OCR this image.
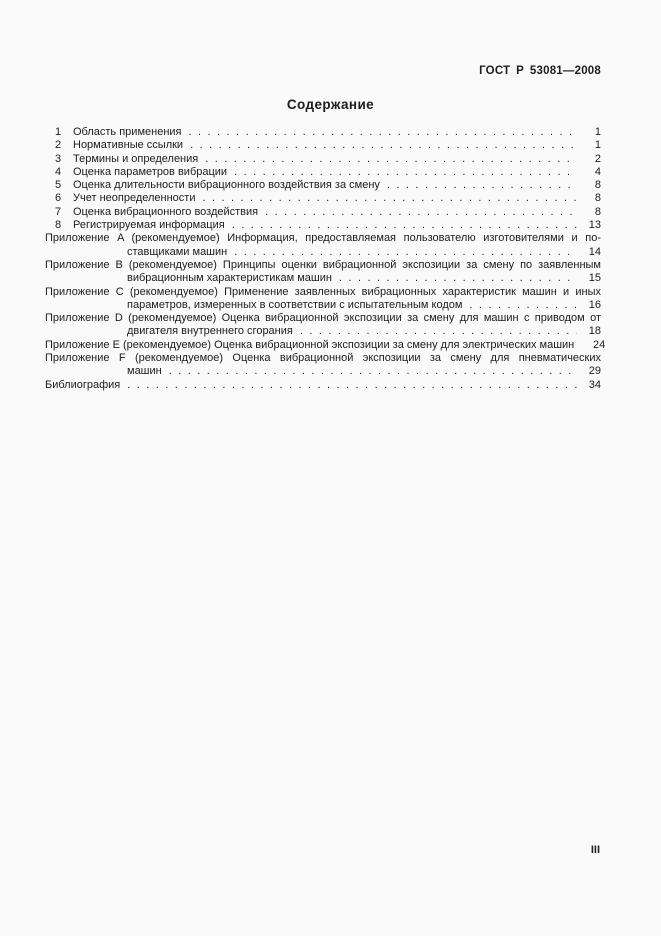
ГОСТ Р 53081—2008
Содержание
1	Область применения . . .	1
2	Нормативные ссылки . . .	1
3	Термины и определения . . .	2
4	Оценка параметров вибрации . . .	4
5	Оценка длительности вибрационного воздействия за смену . . .	8
6	Учет неопределенности . . .	8
7	Оценка вибрационного воздействия . . .	8
8	Регистрируемая информация . . .	13
Приложение A (рекомендуемое) Информация, предоставляемая пользователю изготовителями и по-
ставщиками машин . . .	14
Приложение B (рекомендуемое) Принципы оценки вибрационной экспозиции за смену по заявленным
вибрационным характеристикам машин . . .	15
Приложение C (рекомендуемое) Применение заявленных вибрационных характеристик машин и иных
параметров, измеренных в соответствии с испытательным кодом . . .	16
Приложение D (рекомендуемое) Оценка вибрационной экспозиции за смену для машин с приводом от
двигателя внутреннего сгорания . . .	18
Приложение E (рекомендуемое) Оценка вибрационной экспозиции за смену для электрических машин 24
Приложение F (рекомендуемое) Оценка вибрационной экспозиции за смену для пневматических
машин . . .	29
Библиография . . .	34
III
